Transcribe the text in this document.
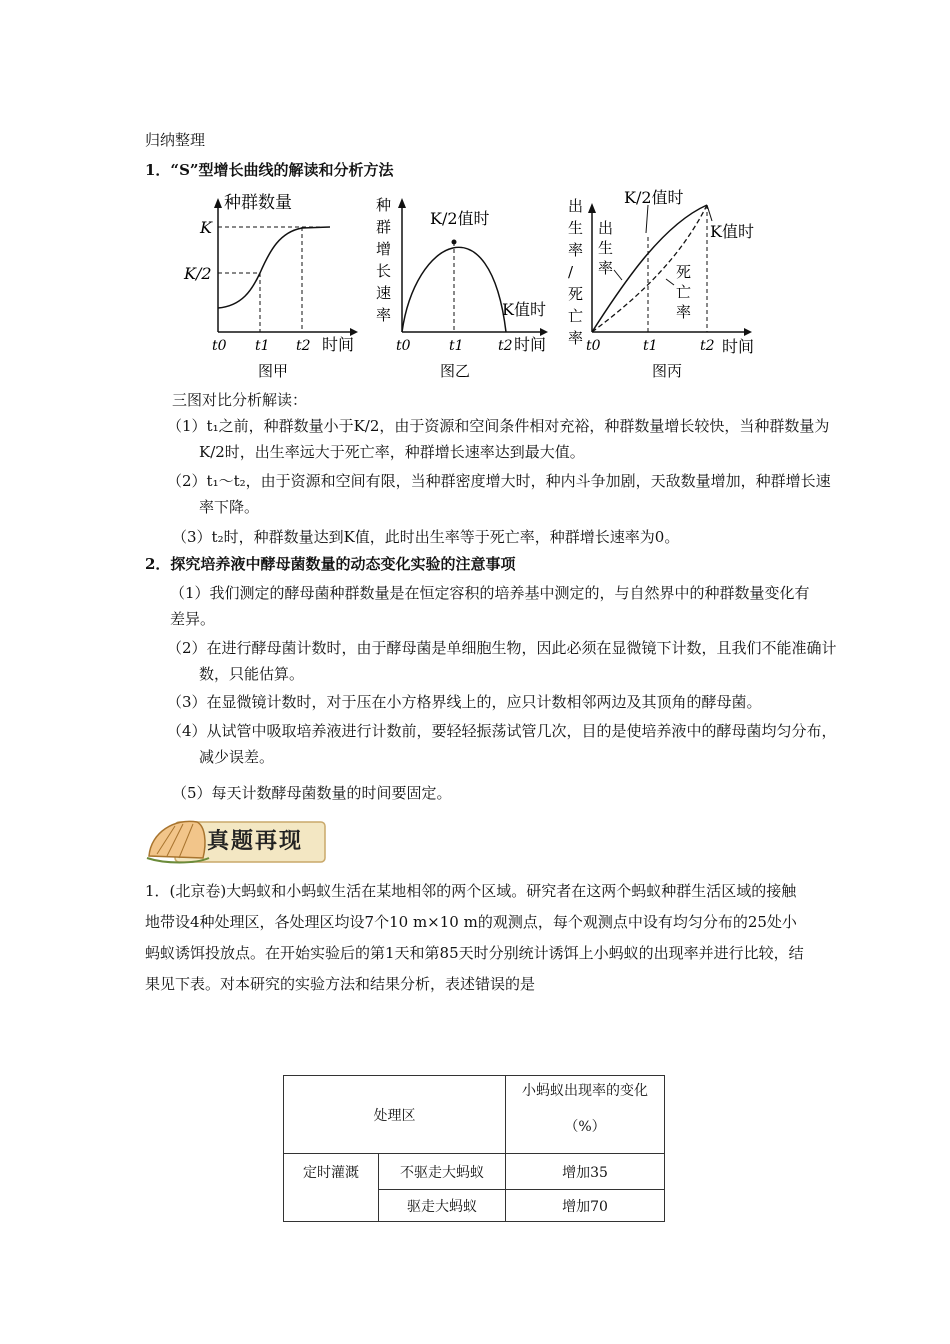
归纳整理
1．“S”型增长曲线的解读和分析方法
种群数量
K
K/2
t0 t1 t2 时间
图甲
种群增长速率
K/2值时
K值时
t0	t1 t2 时间
图乙
出生率/死亡率
出生率	死亡率
K/2值时
K值时
t0	t1	t2 时间
图丙
三图对比分析解读：
（1）t₁之前，种群数量小于K/2，由于资源和空间条件相对充裕，种群数量增长较快，当种群数量为K/2时，出生率远大于死亡率，种群增长速率达到最大值。
（2）t₁～t₂，由于资源和空间有限，当种群密度增大时，种内斗争加剧，天敌数量增加，种群增长速率下降。
（3）t₂时，种群数量达到K值，此时出生率等于死亡率，种群增长速率为0。
2．探究培养液中酵母菌数量的动态变化实验的注意事项
（1）我们测定的酵母菌种群数量是在恒定容积的培养基中测定的，与自然界中的种群数量变化有差异。
（2）在进行酵母菌计数时，由于酵母菌是单细胞生物，因此必须在显微镜下计数，且我们不能准确计数，只能估算。
（3）在显微镜计数时，对于压在小方格界线上的，应只计数相邻两边及其顶角的酵母菌。
（4）从试管中吸取培养液进行计数前，要轻轻振荡试管几次，目的是使培养液中的酵母菌均匀分布，减少误差。
（5）每天计数酵母菌数量的时间要固定。
真题再现
1．(北京卷)大蚂蚁和小蚂蚁生活在某地相邻的两个区域。研究者在这两个蚂蚁种群生活区域的接触地带设4种处理区，各处理区均设7个10 m×10 m的观测点，每个观测点中设有均匀分布的25处小蚂蚁诱饵投放点。在开始实验后的第1天和第85天时分别统计诱饵上小蚂蚁的出现率并进行比较，结果见下表。对本研究的实验方法和结果分析，表述错误的是
处理区		小蚂蚁出现率的变化
（%）

定时灌溉	不驱走大蚂蚁	增加35
	驱走大蚂蚁	增加70
